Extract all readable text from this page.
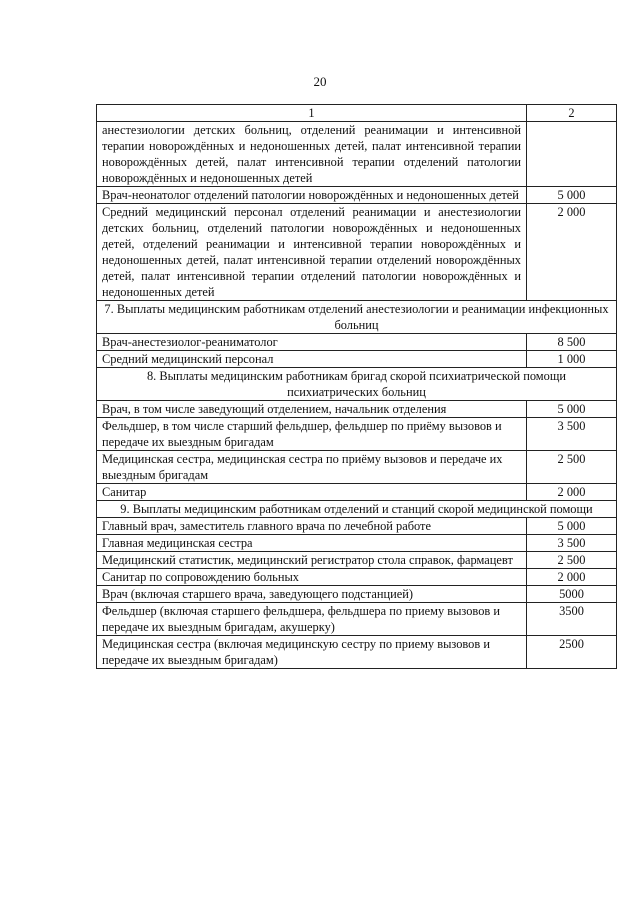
20
1	2
анестезиологии детских больниц, отделений реанимации и интенсивной терапии новорождённых и недоношенных детей, палат интенсивной терапии новорождённых детей, палат интенсивной терапии отделений патологии новорождённых и недоношенных детей	
Врач-неонатолог отделений патологии новорождённых и недоношенных детей	5 000
Средний медицинский персонал отделений реанимации и анестезиологии детских больниц, отделений патологии новорождённых и недоношенных детей, отделений реанимации и интенсивной терапии новорождённых и недоношенных детей, палат интенсивной терапии отделений новорождённых детей, палат интенсивной терапии отделений патологии новорождённых и недоношенных детей	2 000
7. Выплаты медицинским работникам отделений анестезиологии и реанимации инфекционных больниц	
Врач-анестезиолог-реаниматолог	8 500
Средний медицинский персонал	1 000
8. Выплаты медицинским работникам бригад скорой психиатрической помощи психиатрических больниц	
Врач, в том числе заведующий отделением, начальник отделения	5 000
Фельдшер, в том числе старший фельдшер, фельдшер по приёму вызовов и передаче их выездным бригадам	3 500
Медицинская сестра, медицинская сестра по приёму вызовов и передаче их выездным бригадам	2 500
Санитар	2 000
9. Выплаты медицинским работникам отделений и станций скорой медицинской помощи	
Главный врач, заместитель главного врача по лечебной работе	5 000
Главная медицинская сестра	3 500
Медицинский статистик, медицинский регистратор стола справок, фармацевт	2 500
Санитар по сопровождению больных	2 000
Врач (включая старшего врача, заведующего подстанцией)	5000
Фельдшер (включая старшего фельдшера, фельдшера по приему вызовов и передаче их выездным бригадам, акушерку)	3500
Медицинская сестра (включая медицинскую сестру по приему вызовов и передаче их выездным бригадам)	2500
